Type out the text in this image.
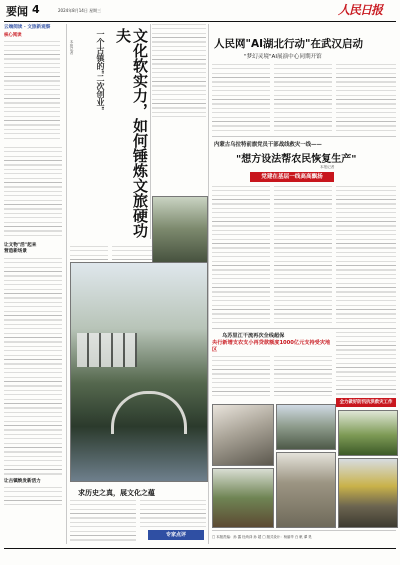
要闻 4	2024年8月14日 星期三	人民日报
云端阅读 · 文旅新观察
核心阅读
让文物"活"起来
营造新场景
让古镇焕发新活力
文化软实力，如何锤炼文旅硬功夫
一个古镇的"二次创业"
本报记者
求历史之真，展文化之蕴
专家点评
人民网"AI湖北行动"在武汉启动
"梦幻灵境"AI展演中心同期开馆
内蒙古乌拉特前旗党员干部战线救灾一线——
"想方设法帮农民恢复生产"
本报记者
党建在基层一线高高飘扬
乌苏里江干流再次全线超保
央行新增支农支小再贷款额度1000亿元支持受灾地区
全力做好防汛抗洪救灾工作
□ 本版责编：孙 露 杜尚泽 孙 超 □ 版式设计：杨丽华 白 帆 谭 昊
